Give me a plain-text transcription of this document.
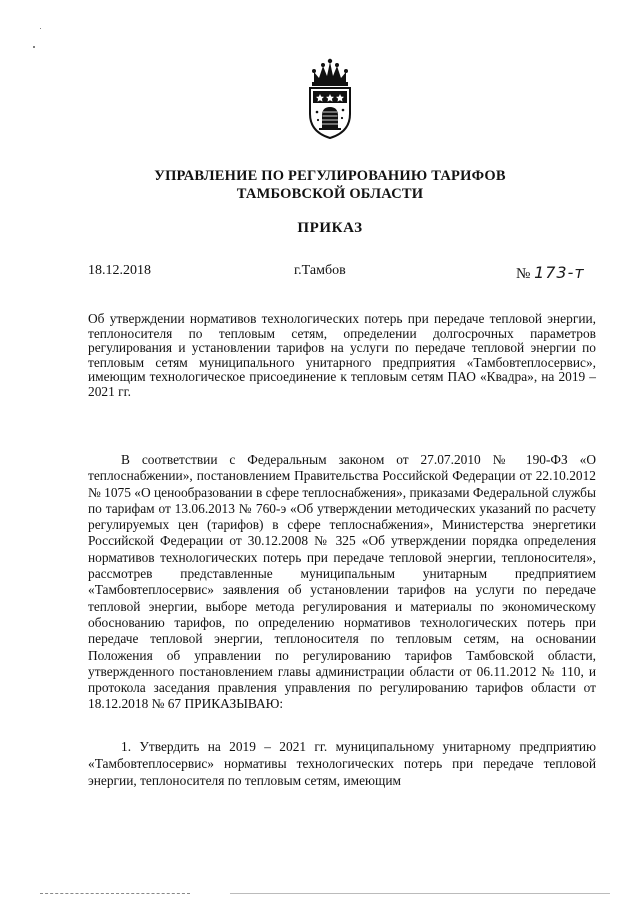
УПРАВЛЕНИЕ ПО РЕГУЛИРОВАНИЮ ТАРИФОВ
ТАМБОВСКОЙ ОБЛАСТИ
ПРИКАЗ
18.12.2018	г.Тамбов	№ 173-т
Об утверждении нормативов технологических потерь при передаче тепловой энергии, теплоносителя по тепловым сетям, определении долгосрочных параметров регулирования и установлении тарифов на услуги по передаче тепловой энергии по тепловым сетям муниципального унитарного предприятия «Тамбовтеплосервис», имеющим технологическое присоединение к тепловым сетям ПАО «Квадра», на 2019 – 2021 гг.
В соответствии с Федеральным законом от 27.07.2010 № 190-ФЗ «О теплоснабжении», постановлением Правительства Российской Федерации от 22.10.2012 № 1075 «О ценообразовании в сфере теплоснабжения», приказами Федеральной службы по тарифам от 13.06.2013 № 760-э «Об утверждении методических указаний по расчету регулируемых цен (тарифов) в сфере теплоснабжения», Министерства энергетики Российской Федерации от 30.12.2008 № 325 «Об утверждении порядка определения нормативов технологических потерь при передаче тепловой энергии, теплоносителя», рассмотрев представленные муниципальным унитарным предприятием «Тамбовтеплосервис» заявления об установлении тарифов на услуги по передаче тепловой энергии, выборе метода регулирования и материалы по экономическому обоснованию тарифов, по определению нормативов технологических потерь при передаче тепловой энергии, теплоносителя по тепловым сетям, на основании Положения об управлении по регулированию тарифов Тамбовской области, утвержденного постановлением главы администрации области от 06.11.2012 № 110, и протокола заседания правления управления по регулированию тарифов области от 18.12.2018 № 67 ПРИКАЗЫВАЮ:
1. Утвердить на 2019 – 2021 гг. муниципальному унитарному предприятию «Тамбовтеплосервис» нормативы технологических потерь при передаче тепловой энергии, теплоносителя по тепловым сетям, имеющим
